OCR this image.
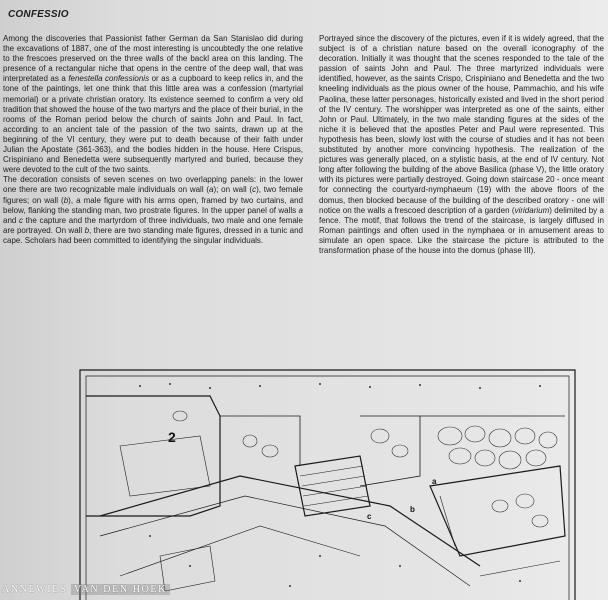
CONFESSIO

Among the discoveries that Passionist father German da San Stanislao did during the excavations of 1887, one of the most interesting is uncoubtedly the one relative to the frescoes preserved on the three walls of the backl area on this landing. The presence of a rectangular niche that opens in the centre of the deep wall, that was interpretated as a fenestella confessionis or as a cupboard to keep relics in, and the tone of the paintings, let one think that this little area was a confession (martyrial memorial) or a private christian oratory. Its existence seemed to confirm a very old tradition that showed the house of the two martyrs and the place of their burial, in the rooms of the Roman period below the church of saints John and Paul. In fact, according to an ancient tale of the passion of the two saints, drawn up at the beginning of the VI century, they were put to death because of their faith under Julian the Apostate (361-363), and the bodies hidden in the house. Here Crispus, Crispiniano and Benedetta were subsequently martyred and buried, because they were devoted to the cult of the two saints.

The decoration consists of seven scenes on two overlapping panels: in the lower one there are two recognizable male individuals on wall (a); on wall (c), two female figures; on wall (b), a male figure with his arms open, framed by two curtains, and below, flanking the standing man, two prostrate figures. In the upper panel of walls a and c the capture and the martyrdom of three individuals, two male and one female are portrayed. On wall b, there are two standing male figures, dressed in a tunic and cape. Scholars had been committed to identifying the singular individuals.

Portrayed since the discovery of the pictures, even if it is widely agreed, that the subject is of a christian nature based on the overall iconography of the decoration. Initially it was thought that the scenes responded to the tale of the passion of saints John and Paul. The three martyrized individuals were identified, however, as the saints Crispo, Crispiniano and Benedetta and the two kneeling individuals as the pious owner of the house, Pammachio, and his wife Paolina, these latter personages, historically existed and lived in the short period of the IV century. The worshipper was interpreted as one of the saints, either John or Paul. Ultimately, in the two male standing figures at the sides of the niche it is believed that the apostles Peter and Paul were represented. This hypothesis has been, slowly lost with the course of studies and it has not been substituted by another more convincing hypothesis. The realization of the pictures was generally placed, on a stylistic basis, at the end of IV century. Not long after following the building of the above Basilica (phase V), the little oratory with its pictures were partially destroyed. Going down staircase 20 - once meant for connecting the courtyard-nymphaeum (19) with the above floors of the domus, then blocked because of the building of the described oratory - one will notice on the walls a frescoed description of a garden (viridarium) delimited by a fence. The motif, that follows the trend of the staircase, is largely diffused in Roman paintings and often used in the nymphaea or in amusement areas to simulate an open space. Like the staircase the picture is attributed to the transformation phase of the house into the domus (phase III).

2
a
b
c
ANNEWIES VAN DEN HOEK
